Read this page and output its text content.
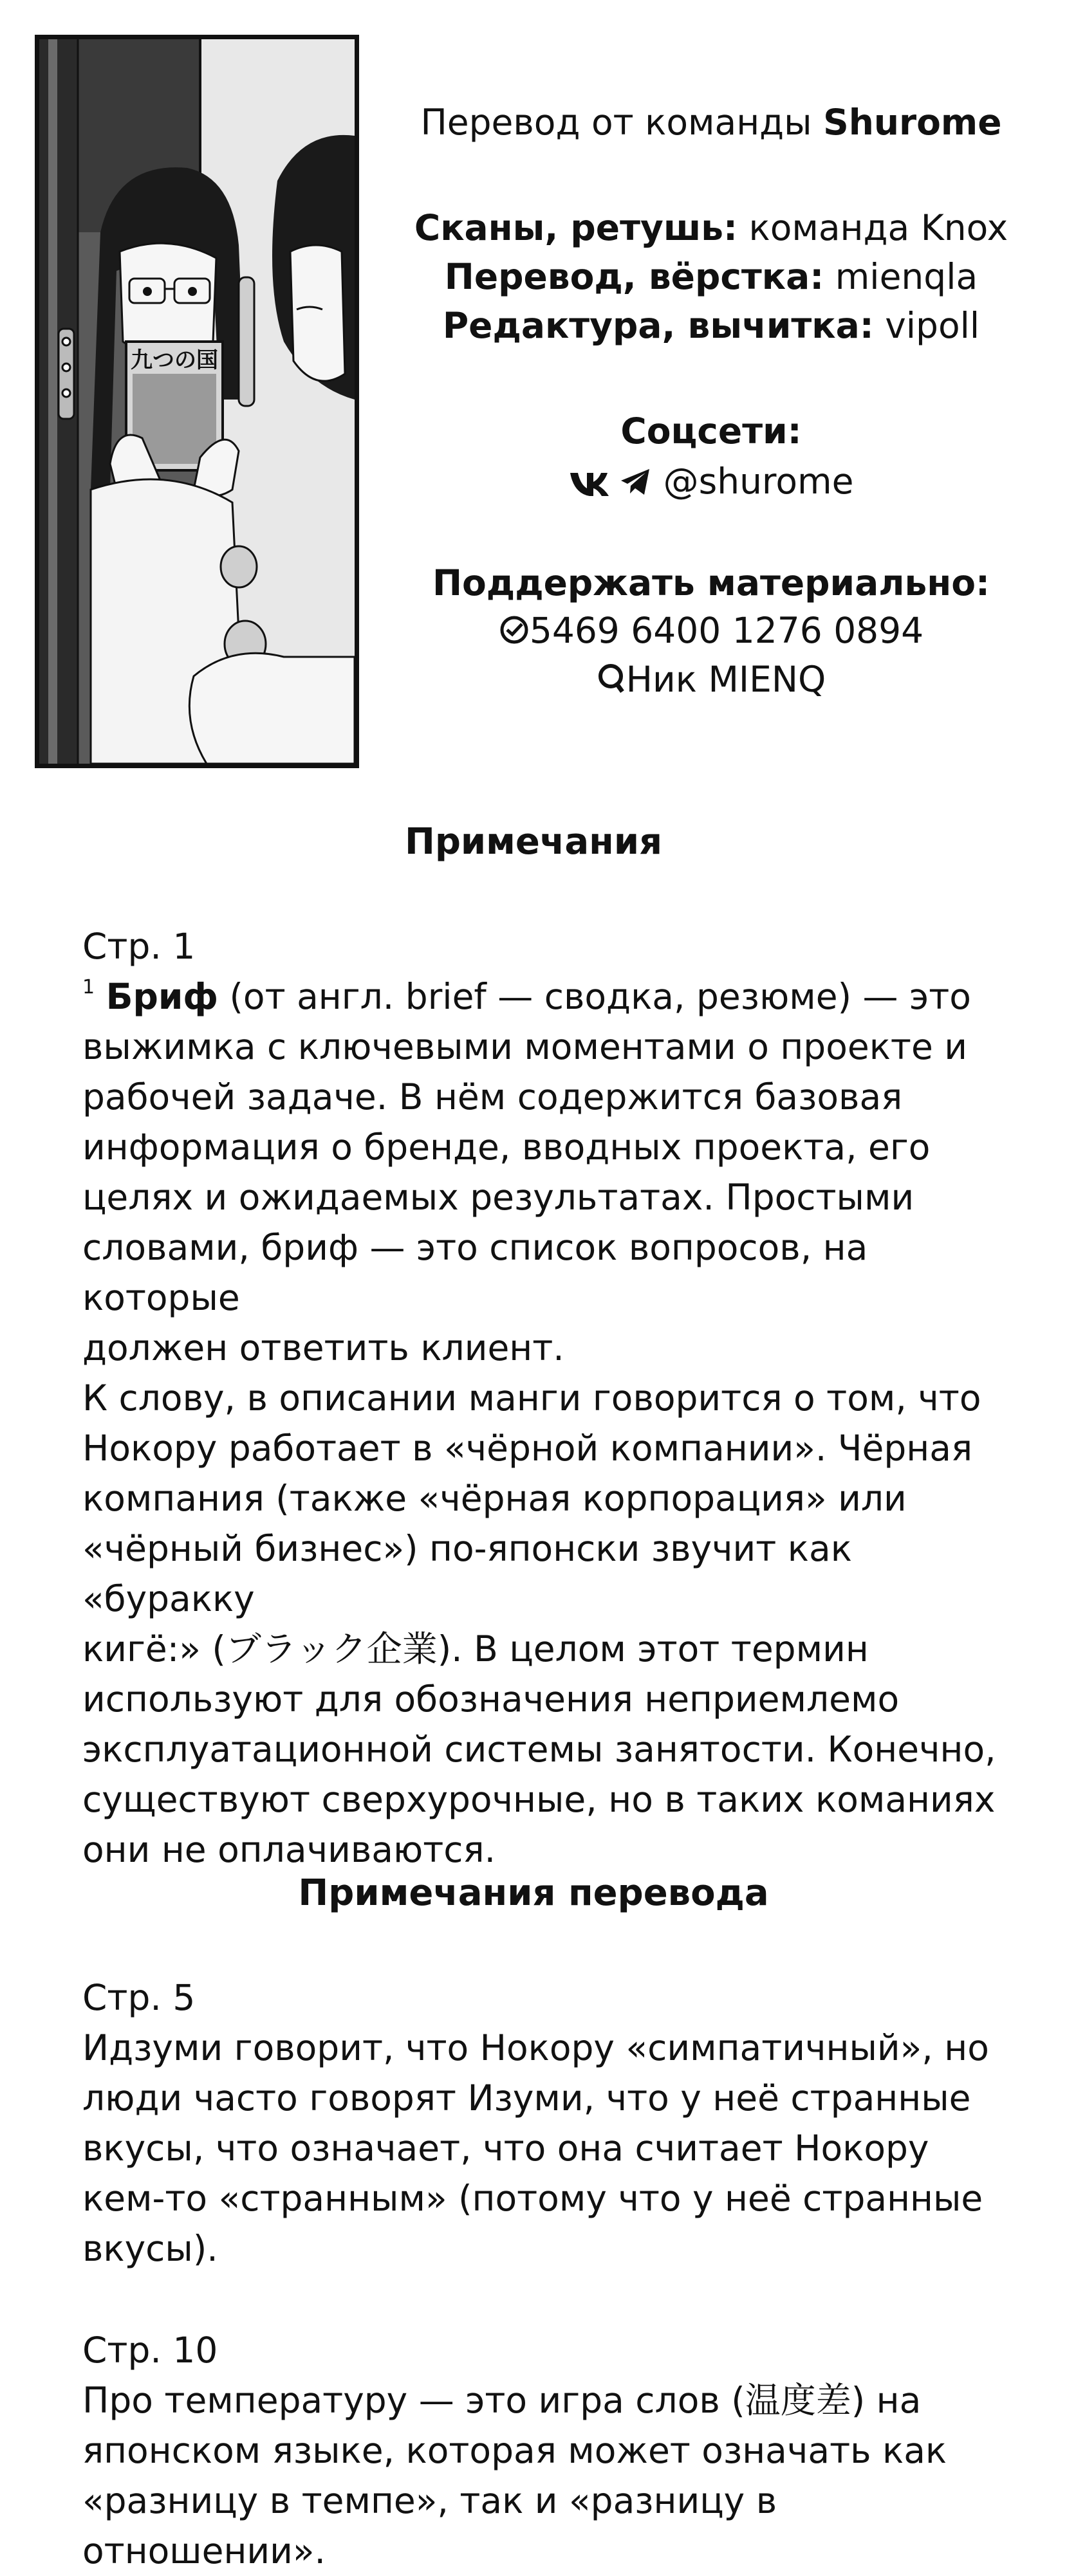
九つの国
Перевод от команды Shurome
Сканы, ретушь: команда Knox
Перевод, вёрстка: mienqla
Редактура, вычитка: vipoll
Соцсети:
@shurome
Поддержать материально:
5469 6400 1276 0894
Ник MIENQ
Примечания

Стр. 1

$^1$ Бриф (от англ. brief — сводка, резюме) — это

выжимка с ключевыми моментами о проекте и

рабочей задаче. В нём содержится базовая

информация о бренде, вводных проекта, его

целях и ожидаемых результатах. Простыми

словами, бриф — это список вопросов, на которые

должен ответить клиент.

К слову, в описании манги говорится о том, что

Нокору работает в «чёрной компании». Чёрная

компания (также «чёрная корпорация» или

«чёрный бизнес») по-японски звучит как «буракку

кигё:» (ブラック企業). В целом этот термин

используют для обозначения неприемлемо

эксплуатационной системы занятости. Конечно,

существуют сверхурочные, но в таких команиях

они не оплачиваются.

Примечания перевода

Стр. 5

Идзуми говорит, что Нокору «симпатичный», но

люди часто говорят Изуми, что у неё странные

вкусы, что означает, что она считает Нокору

кем-то «странным» (потому что у неё странные

вкусы).

Стр. 10

Про температуру — это игра слов (温度差) на

японском языке, которая может означать как

«разницу в темпе», так и «разницу в отношении».
